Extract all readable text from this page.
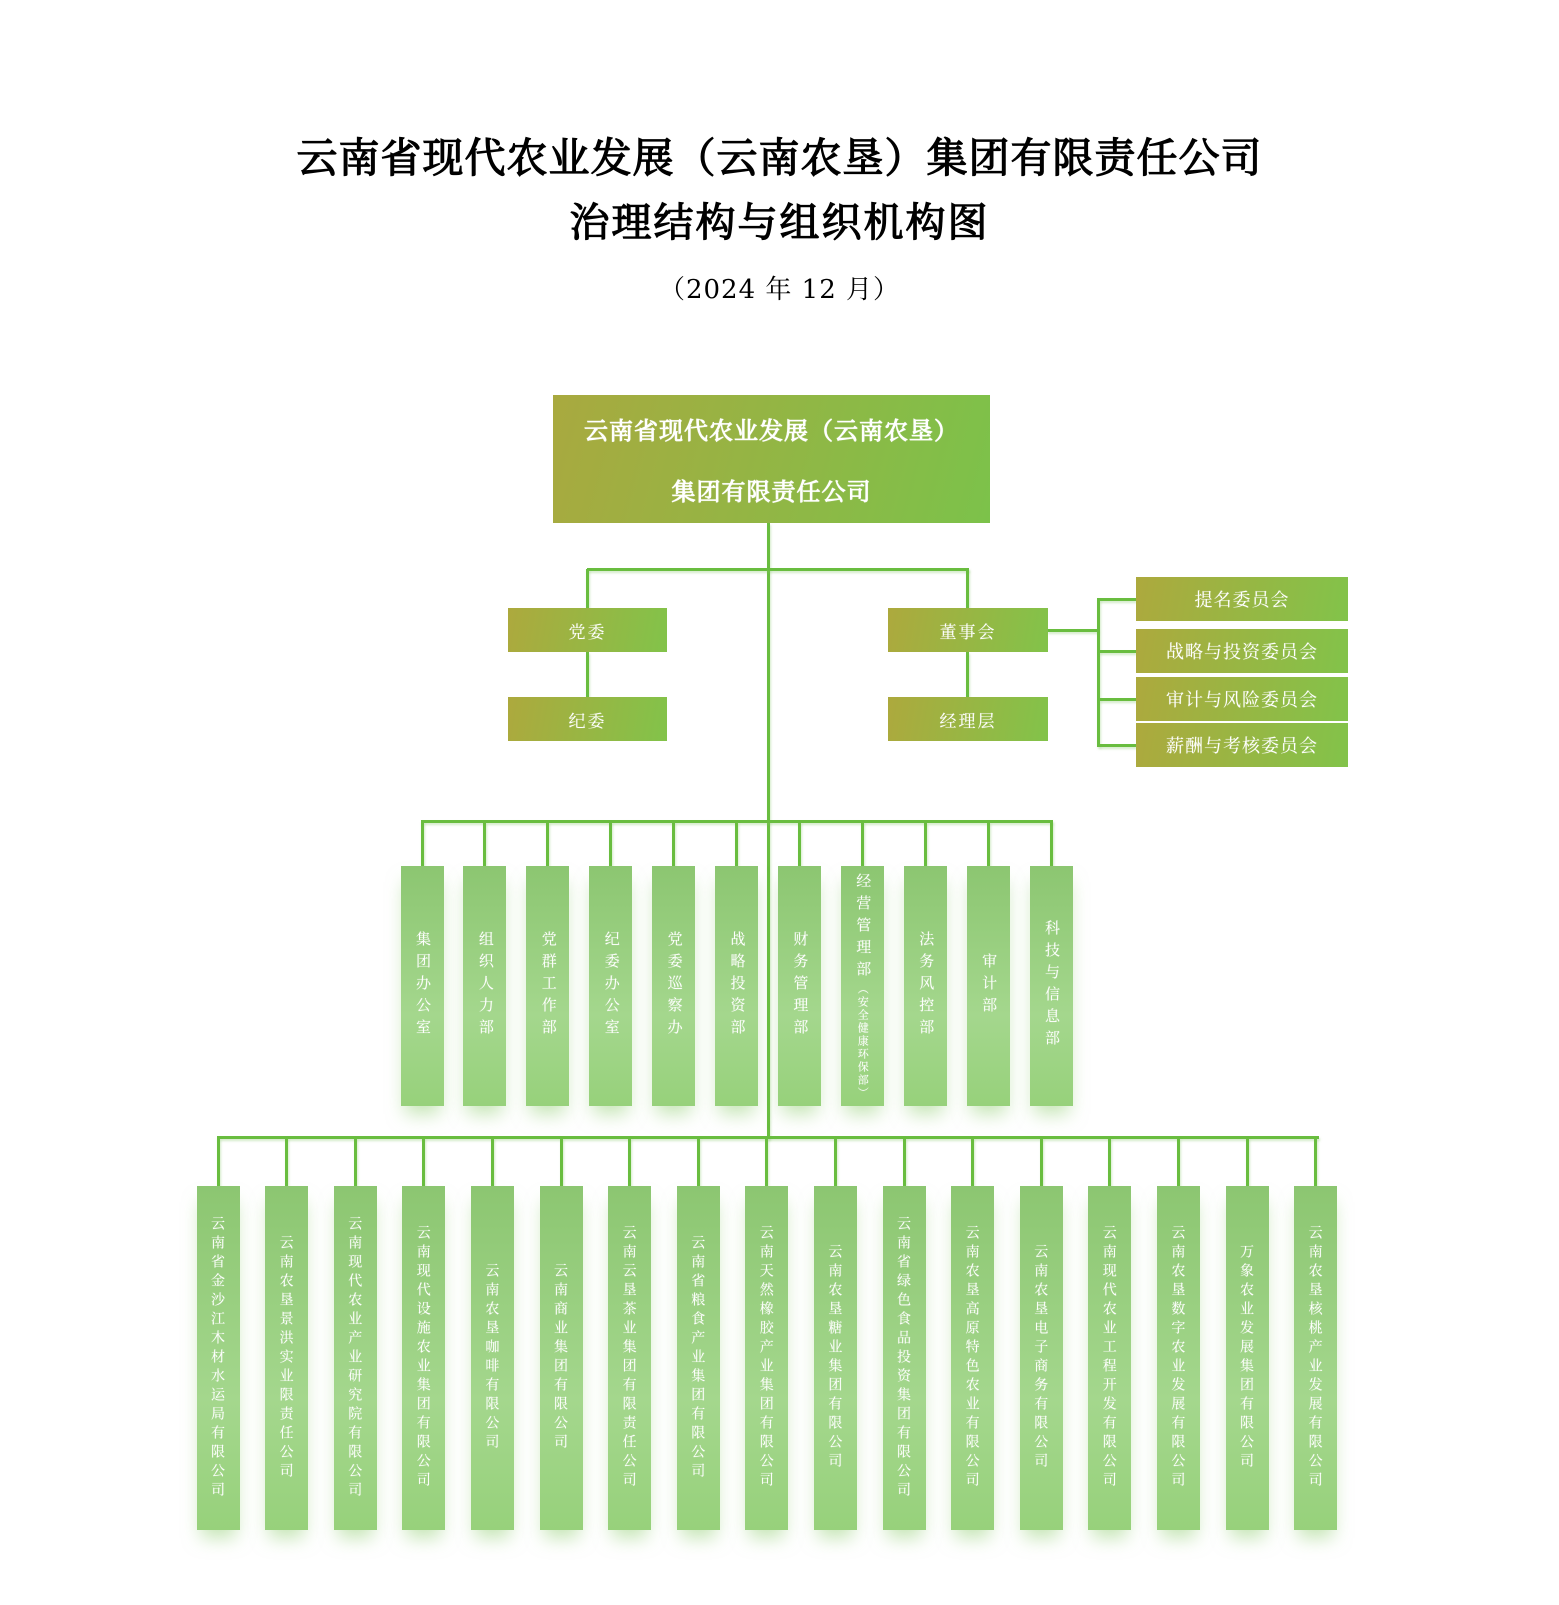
云南省现代农业发展（云南农垦）集团有限责任公司
治理结构与组织机构图
（2024 年 12 月）
云南省现代农业发展（云南农垦）
集团有限责任公司
党委
纪委
董事会
经理层
提名委员会
战略与投资委员会
审计与风险委员会
薪酬与考核委员会
集团办公室	组织人力部	党群工作部	纪委办公室	党委巡察办	战略投资部	财务管理部
经营管理部（安全健康环保部）	法务风控部	审计部	科技与信息部
云南省金沙江木材水运局有限公司	云南农垦景洪实业限责任公司	云南现代农业产业研究院有限公司	云南现代设施农业集团有限公司	云南农垦咖啡有限公司	云南商业集团有限公司	云南云垦茶业集团有限责任公司	云南省粮食产业集团有限公司	云南天然橡胶产业集团有限公司	云南农垦糖业集团有限公司	云南省绿色食品投资集团有限公司	云南农垦高原特色农业有限公司	云南农垦电子商务有限公司	云南现代农业工程开发有限公司	云南农垦数字农业发展有限公司	万象农业发展集团有限公司	云南农垦核桃产业发展有限公司
